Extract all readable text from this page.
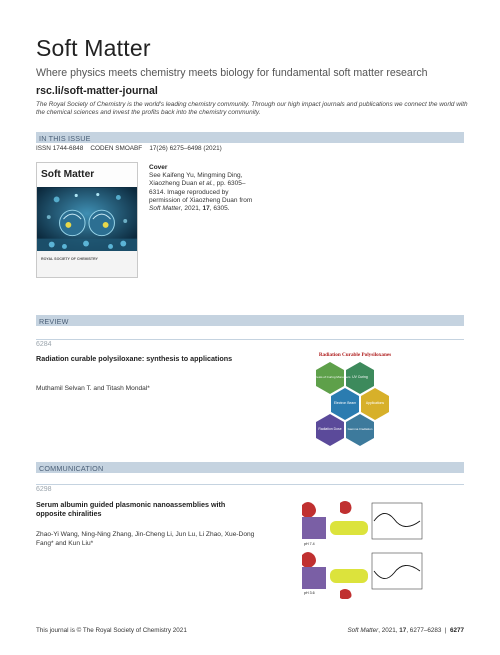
Soft Matter
Where physics meets chemistry meets biology for fundamental soft matter research
rsc.li/soft-matter-journal
The Royal Society of Chemistry is the world's leading chemistry community. Through our high impact journals and publications we connect the world with the chemical sciences and invest the profits back into the chemistry community.
IN THIS ISSUE
ISSN 1744-6848 CODEN SMOABF 17(26) 6275–6498 (2021)
Soft Matter
ROYAL SOCIETY OF CHEMISTRY
Cover
See Kaifeng Yu, Mingming Ding, Xiaozheng Duan et al., pp. 6305–6314. Image reproduced by permission of Xiaozheng Duan from Soft Matter, 2021, 17, 6305.
REVIEW
6284
Radiation curable polysiloxane: synthesis to applications
Muthamil Selvan T. and Titash Mondal*
Radiation Curable Polysiloxanes
Synthesis of Curing Monomers UV Curing
Electron Beam	Applications
Radiation Dose Gamma Irradiation
COMMUNICATION
6298
Serum albumin guided plasmonic nanoassemblies with opposite chiralities
Zhao-Yi Wang, Ning-Ning Zhang, Jin-Cheng Li, Jun Lu, Li Zhao, Xue-Dong Fang* and Kun Liu*	pH 7.4
pH 3.6
This journal is © The Royal Society of Chemistry 2021	Soft Matter, 2021, 17, 6277–6283  |  6277
